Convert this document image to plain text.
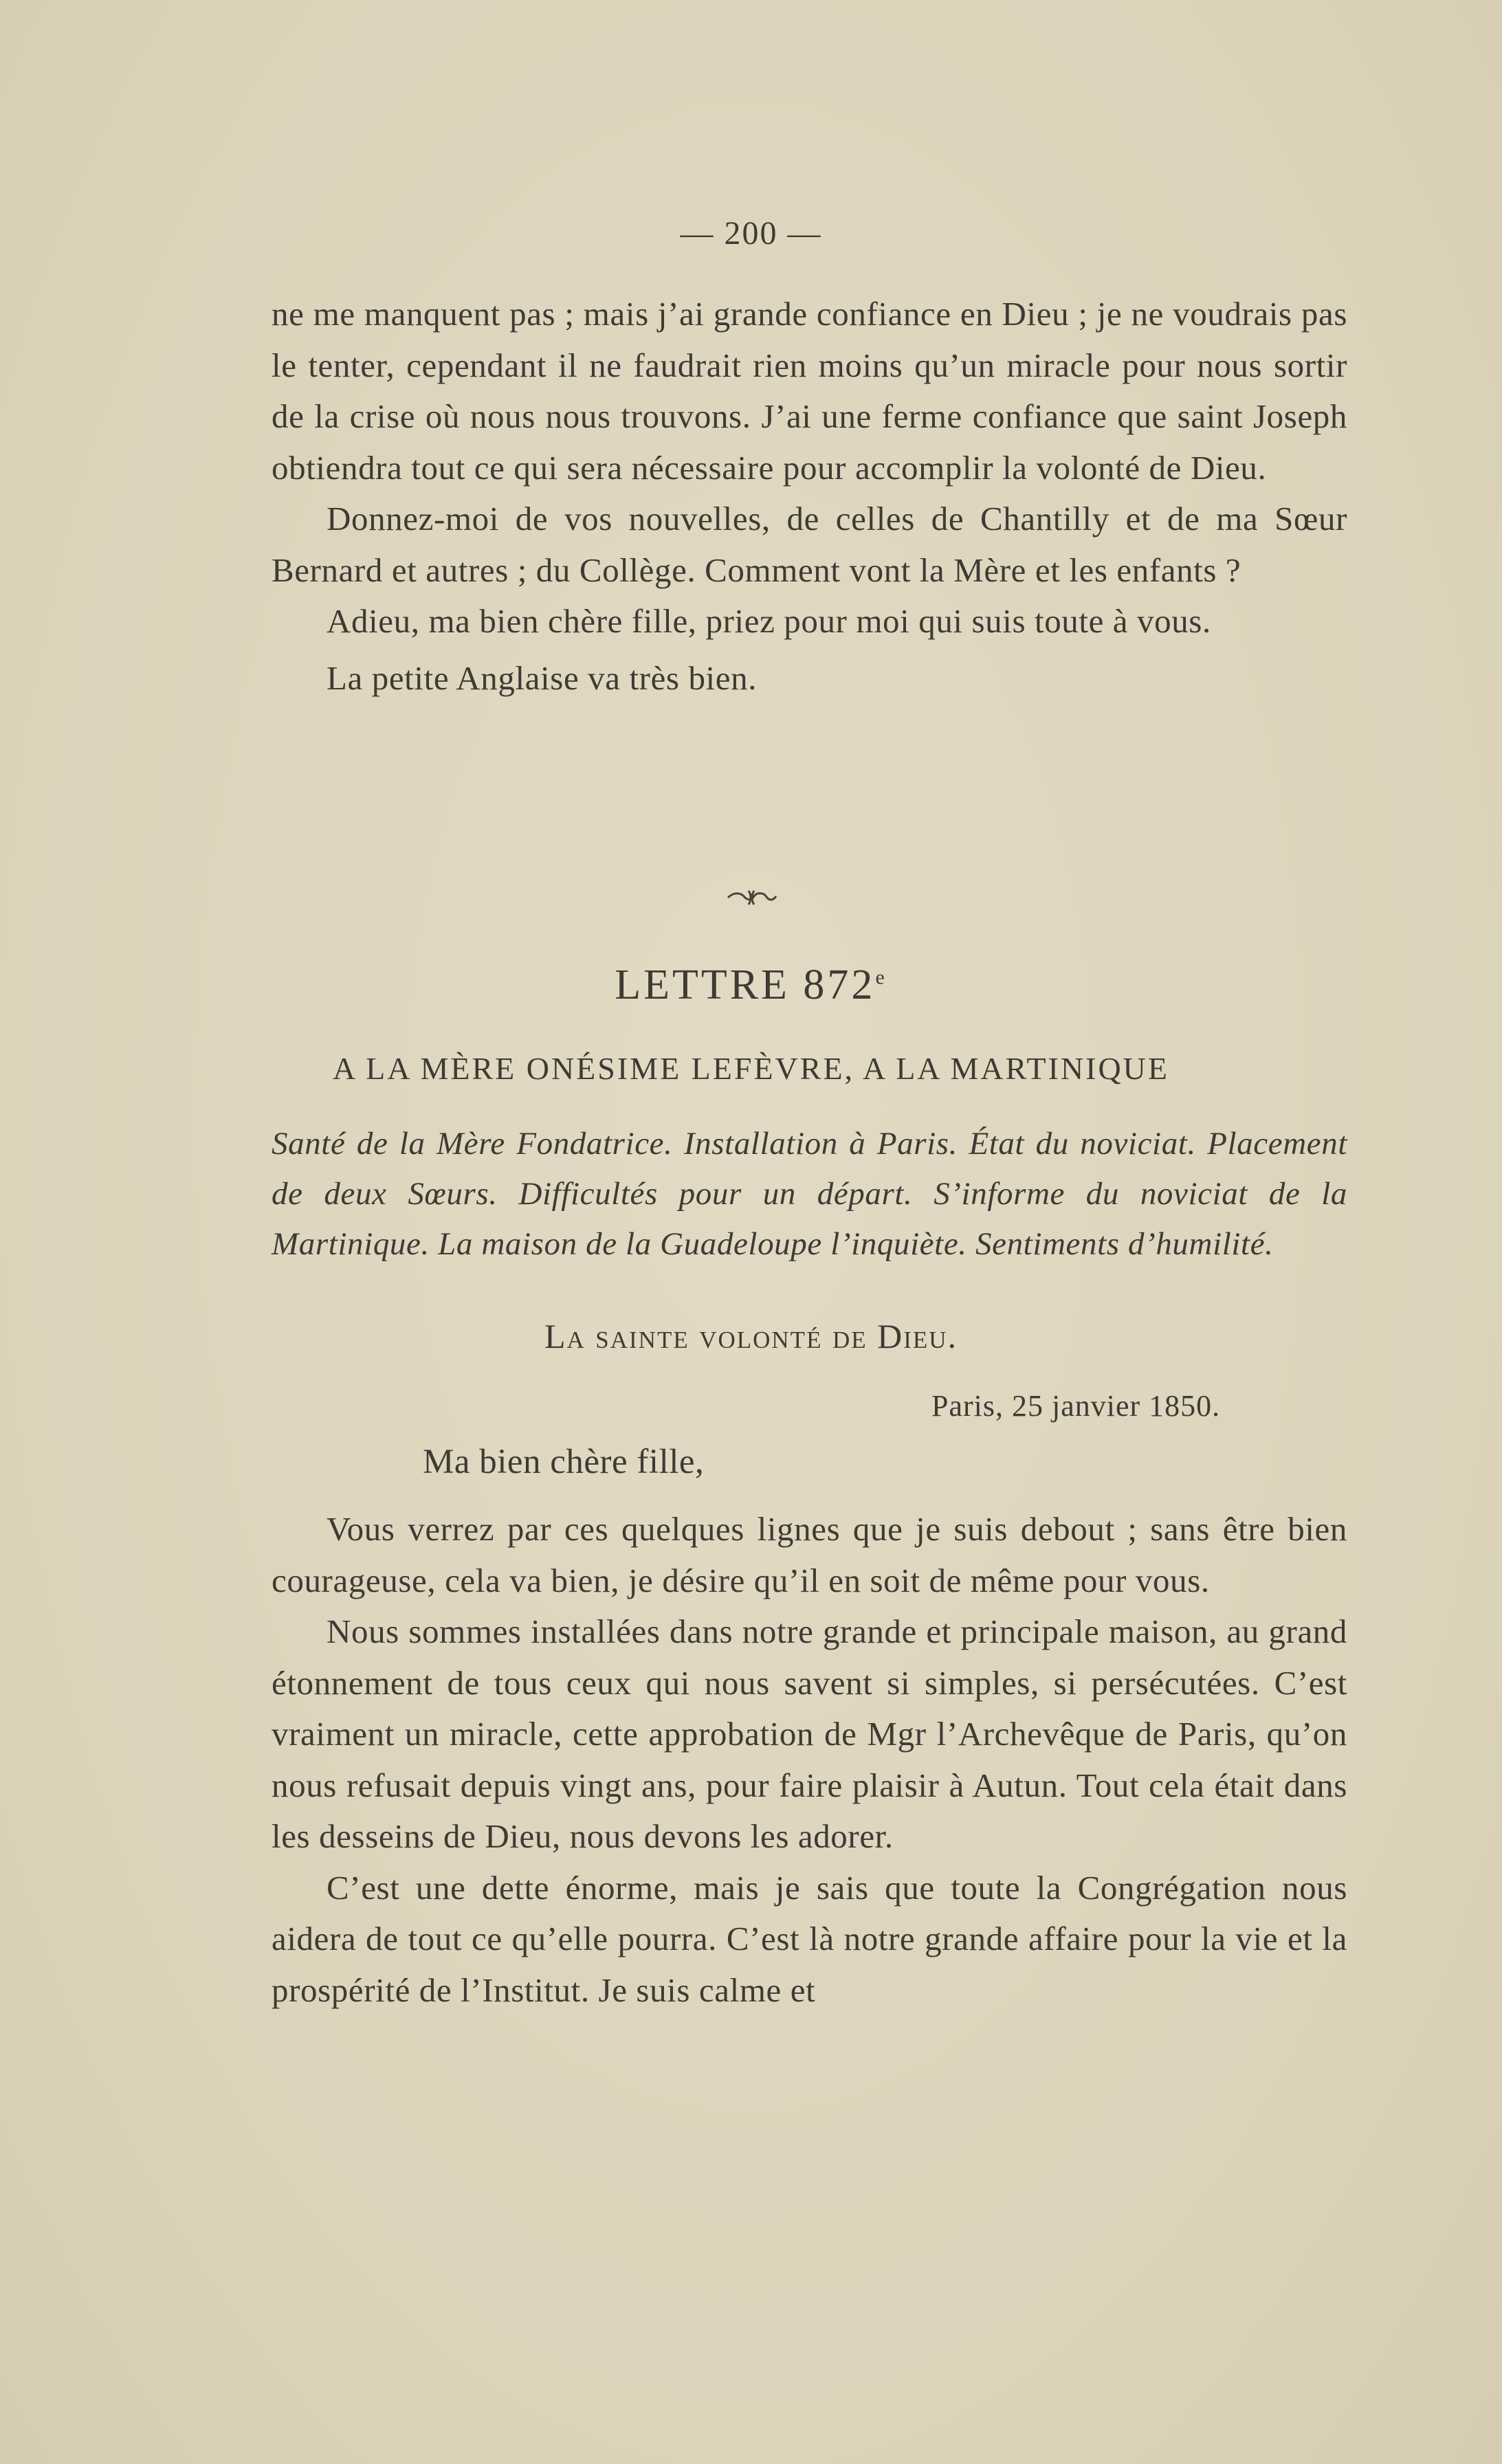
— 200 —

ne me manquent pas ; mais j’ai grande confiance en Dieu ; je ne voudrais pas le tenter, cependant il ne faudrait rien moins qu’un miracle pour nous sortir de la crise où nous nous trouvons. J’ai une ferme confiance que saint Joseph obtiendra tout ce qui sera nécessaire pour accomplir la volonté de Dieu.

Donnez-moi de vos nouvelles, de celles de Chantilly et de ma Sœur Bernard et autres ; du Collège. Comment vont la Mère et les enfants ?

Adieu, ma bien chère fille, priez pour moi qui suis toute à vous.

La petite Anglaise va très bien.

LETTRE 872e
A LA MÈRE ONÉSIME LEFÈVRE, A LA MARTINIQUE

Santé de la Mère Fondatrice. Installation à Paris. État du noviciat. Placement de deux Sœurs. Difficultés pour un départ. S’informe du noviciat de la Martinique. La maison de la Guadeloupe l’inquiète. Sentiments d’humilité.

La sainte volonté de Dieu.
Paris, 25 janvier 1850.
Ma bien chère fille,

Vous verrez par ces quelques lignes que je suis debout ; sans être bien courageuse, cela va bien, je désire qu’il en soit de même pour vous.

Nous sommes installées dans notre grande et principale maison, au grand étonnement de tous ceux qui nous savent si simples, si persécutées. C’est vraiment un miracle, cette approbation de Mgr l’Archevêque de Paris, qu’on nous refusait depuis vingt ans, pour faire plaisir à Autun. Tout cela était dans les desseins de Dieu, nous devons les adorer.

C’est une dette énorme, mais je sais que toute la Congrégation nous aidera de tout ce qu’elle pourra. C’est là notre grande affaire pour la vie et la prospérité de l’Institut. Je suis calme et
